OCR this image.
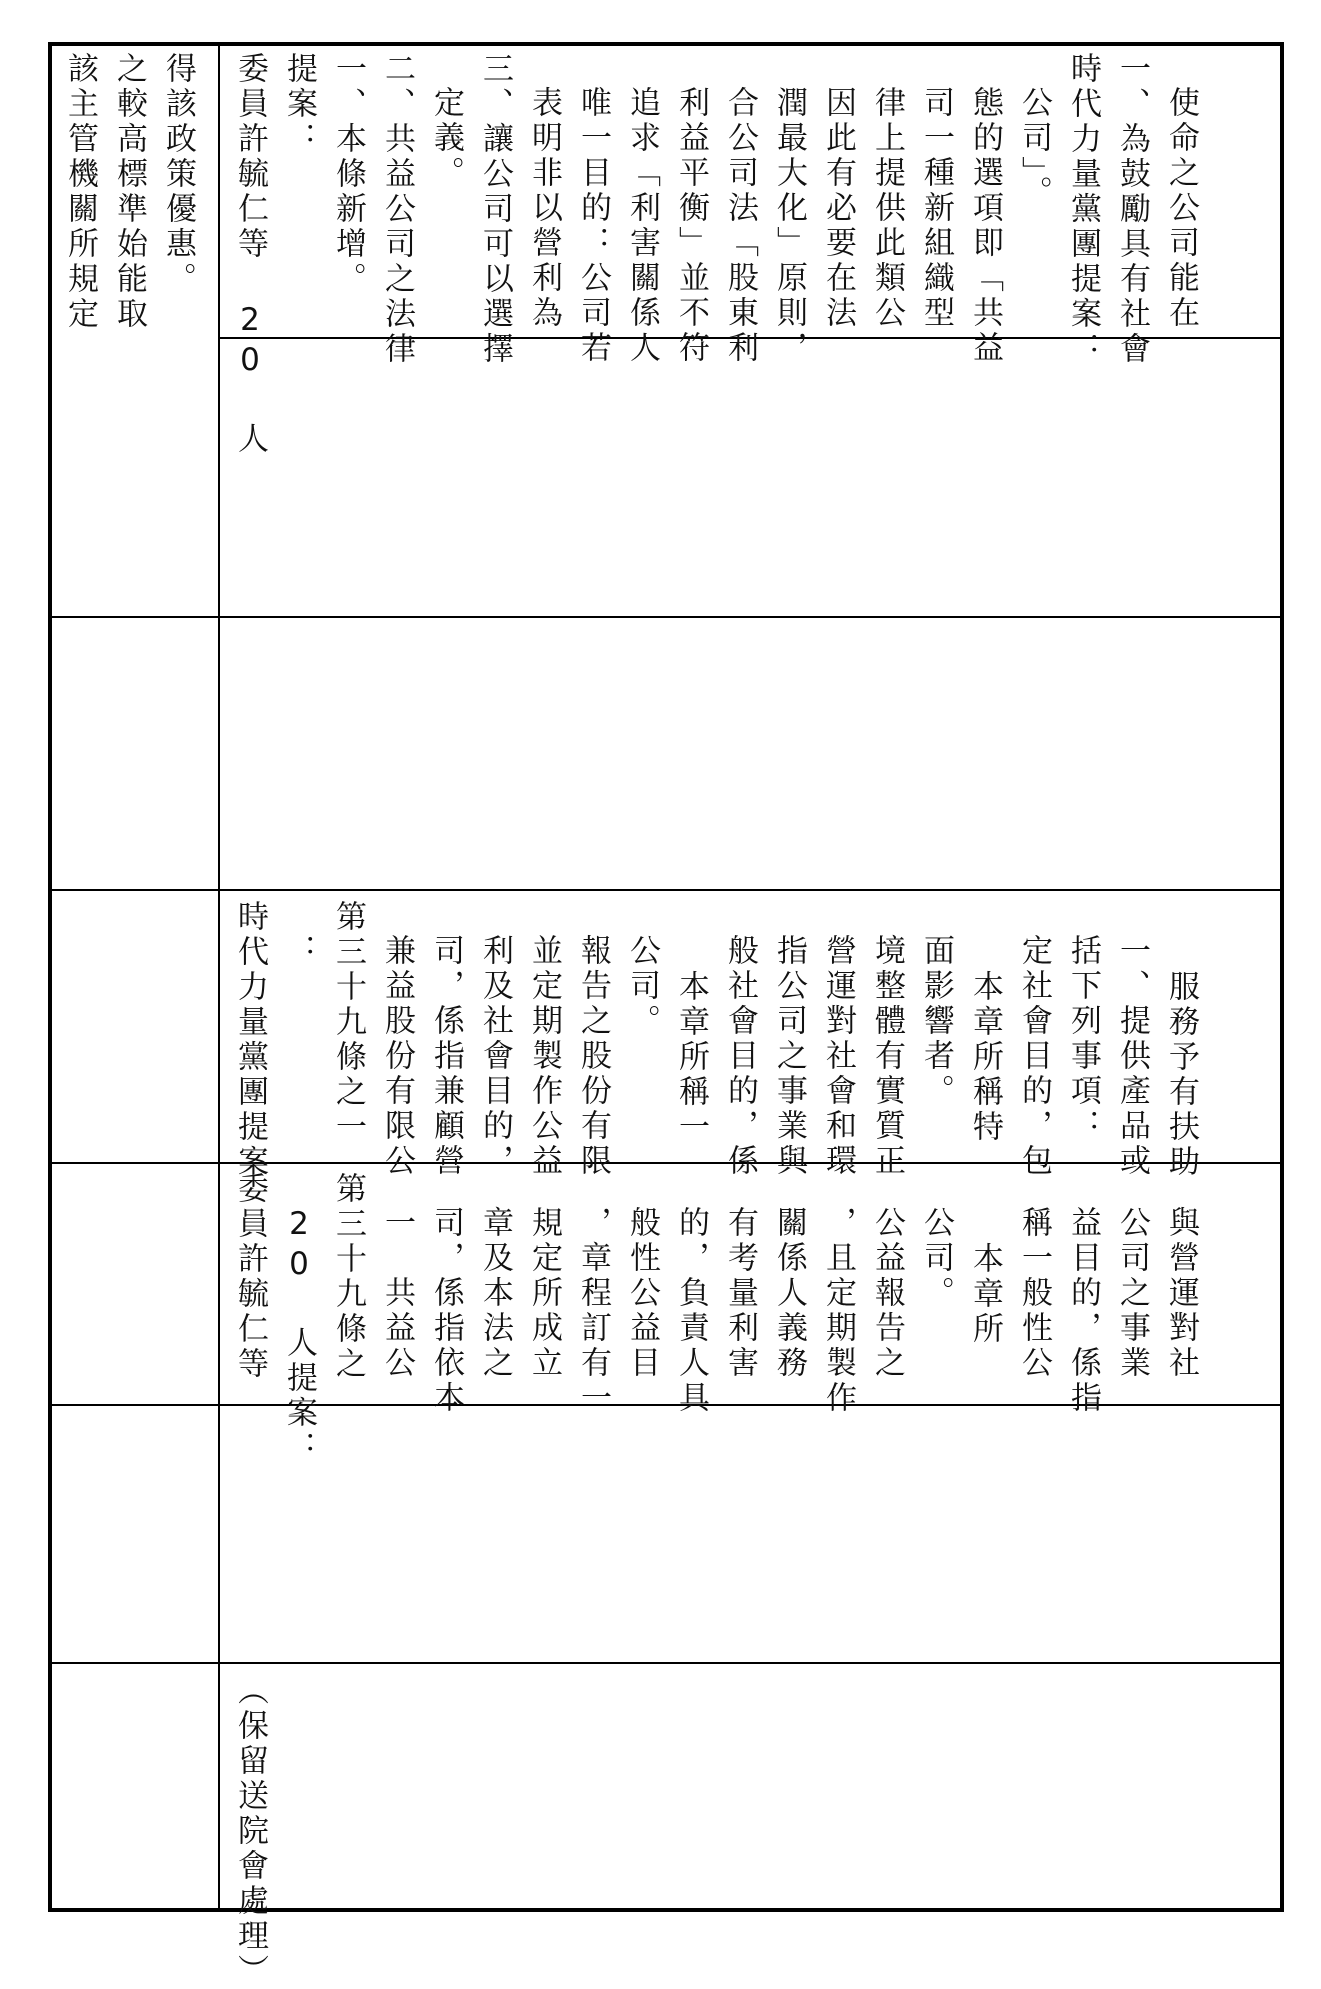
該主管機關所規定 之較高標準始能取 得該政策優惠。 委員許毓仁等 20 人 提案： 一、本條新增。 二、共益公司之法律 定義。 三、讓公司可以選擇 表明非以營利為 唯一目的：公司若 追求「利害關係人 利益平衡」並不符 合公司法「股東利 潤最大化」原則， 因此有必要在法 律上提供此類公 司一種新組織型 態的選項即「共益 公司」。 時代力量黨團提案： 一、為鼓勵具有社會 使命之公司能在
時代力量黨團提案 ： 第三十九條之一 兼益股份有限公 司，係指兼顧營 利及社會目的， 並定期製作公益 報告之股份有限 公司。 本章所稱一 般社會目的，係 指公司之事業與 營運對社會和環 境整體有實質正 面影響者。 本章所稱特 定社會目的，包 括下列事項： 一、提供產品或 服務予有扶助
委員許毓仁等 20 人提案： 第三十九條之 一　共益公 司，係指依本 章及本法之 規定所成立 ，章程訂有一 般性公益目 的，負責人具 有考量利害 關係人義務 ，且定期製作 公益報告之 公司。 本章所 稱一般性公 益目的，係指 公司之事業 與營運對社
（保留送院會處理）
